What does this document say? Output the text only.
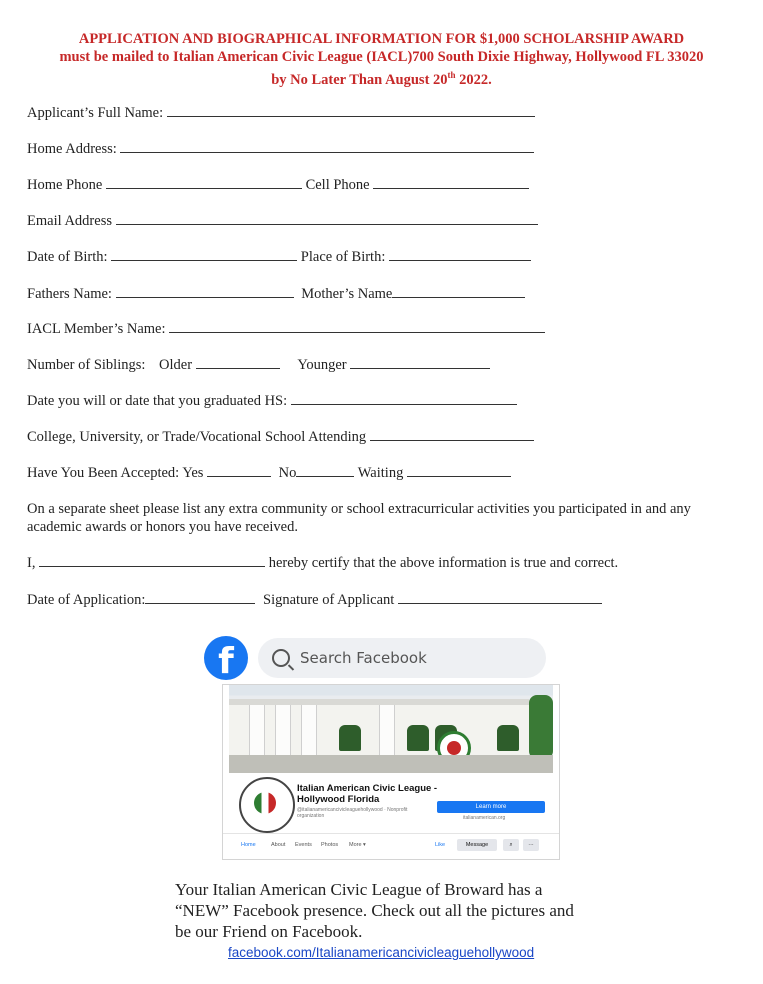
APPLICATION AND BIOGRAPHICAL INFORMATION FOR $1,000 SCHOLARSHIP AWARD
must be mailed to Italian American Civic League (IACL)700 South Dixie Highway, Hollywood FL 33020
by No Later Than August 20th 2022.
Applicant’s Full Name:
Home Address:
Home Phone	Cell Phone
Email Address
Date of Birth:	Place of Birth:
Fathers Name:	Mother’s Name
IACL Member’s Name:
Number of Siblings: Older	Younger
Date you will or date that you graduated HS:
College, University, or Trade/Vocational School Attending
Have You Been Accepted: Yes	No	Waiting
On a separate sheet please list any extra community or school extracurricular activities you participated in and any academic awards or honors you have received.
I,	hereby certify that the above information is true and correct.
Date of Application:	Signature of Applicant
Italian American Civic League - Hollywood Florida
@italianamericancivicleaguehollywood · Nonprofit organization
Learn more
italianamerican.org
Home	About Events Photos More ▾	Like	Message	⌕	···
f	Search Facebook
Your Italian American Civic League of Broward has a “NEW” Facebook presence. Check out all the pictures and be our Friend on Facebook.
facebook.com/Italianamericancivicleaguehollywood
